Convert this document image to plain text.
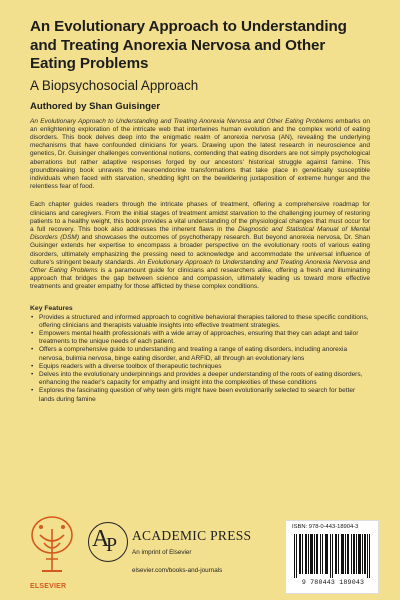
An Evolutionary Approach to Understanding and Treating Anorexia Nervosa and Other Eating Problems
A Biopsychosocial Approach
Authored by Shan Guisinger

An Evolutionary Approach to Understanding and Treating Anorexia Nervosa and Other Eating Problems embarks on an enlightening exploration of the intricate web that intertwines human evolution and the complex world of eating disorders. This book delves deep into the enigmatic realm of anorexia nervosa (AN), revealing the underlying mechanisms that have confounded clinicians for years. Drawing upon the latest research in neuroscience and genetics, Dr. Guisinger challenges conventional notions, contending that eating disorders are not simply psychological aberrations but rather adaptive responses forged by our ancestors' historical struggle against famine. This groundbreaking book unravels the neuroendocrine transformations that take place in genetically susceptible individuals when faced with starvation, shedding light on the bewildering juxtaposition of extreme hunger and the relentless fear of food.

Each chapter guides readers through the intricate phases of treatment, offering a comprehensive roadmap for clinicians and caregivers. From the initial stages of treatment amidst starvation to the challenging journey of restoring patients to a healthy weight, this book provides a vital understanding of the physiological changes that must occur for a full recovery. This book also addresses the inherent flaws in the Diagnostic and Statistical Manual of Mental Disorders (DSM) and showcases the outcomes of psychotherapy research. But beyond anorexia nervosa, Dr. Shan Guisinger extends her expertise to encompass a broader perspective on the evolutionary roots of various eating disorders, ultimately emphasizing the pressing need to acknowledge and accommodate the universal influence of culture's stringent beauty standards. An Evolutionary Approach to Understanding and Treating Anorexia Nervosa and Other Eating Problems is a paramount guide for clinicians and researchers alike, offering a fresh and illuminating approach that bridges the gap between science and compassion, ultimately leading us toward more effective treatments and greater empathy for those afflicted by these complex conditions.

Key Features
• Provides a structured and informed approach to cognitive behavioral therapies tailored to these specific conditions, offering clinicians and therapists valuable insights into effective treatment strategies.
• Empowers mental health professionals with a wide array of approaches, ensuring that they can adapt and tailor treatments to the unique needs of each patient.
• Offers a comprehensive guide to understanding and treating a range of eating disorders, including anorexia nervosa, bulimia nervosa, binge eating disorder, and ARFID, all through an evolutionary lens
• Equips readers with a diverse toolbox of therapeutic techniques
• Delves into the evolutionary underpinnings and provides a deeper understanding of the roots of eating disorders, enhancing the reader's capacity for empathy and insight into the complexities of these conditions
• Explores the fascinating question of why teen girls might have been evolutionarily selected to search for better lands during famine
ELSEVIER
A
P ACADEMIC PRESS
An imprint of Elsevier
elsevier.com/books-and-journals
ISBN: 978-0-443-18904-3
9 780443 189043
